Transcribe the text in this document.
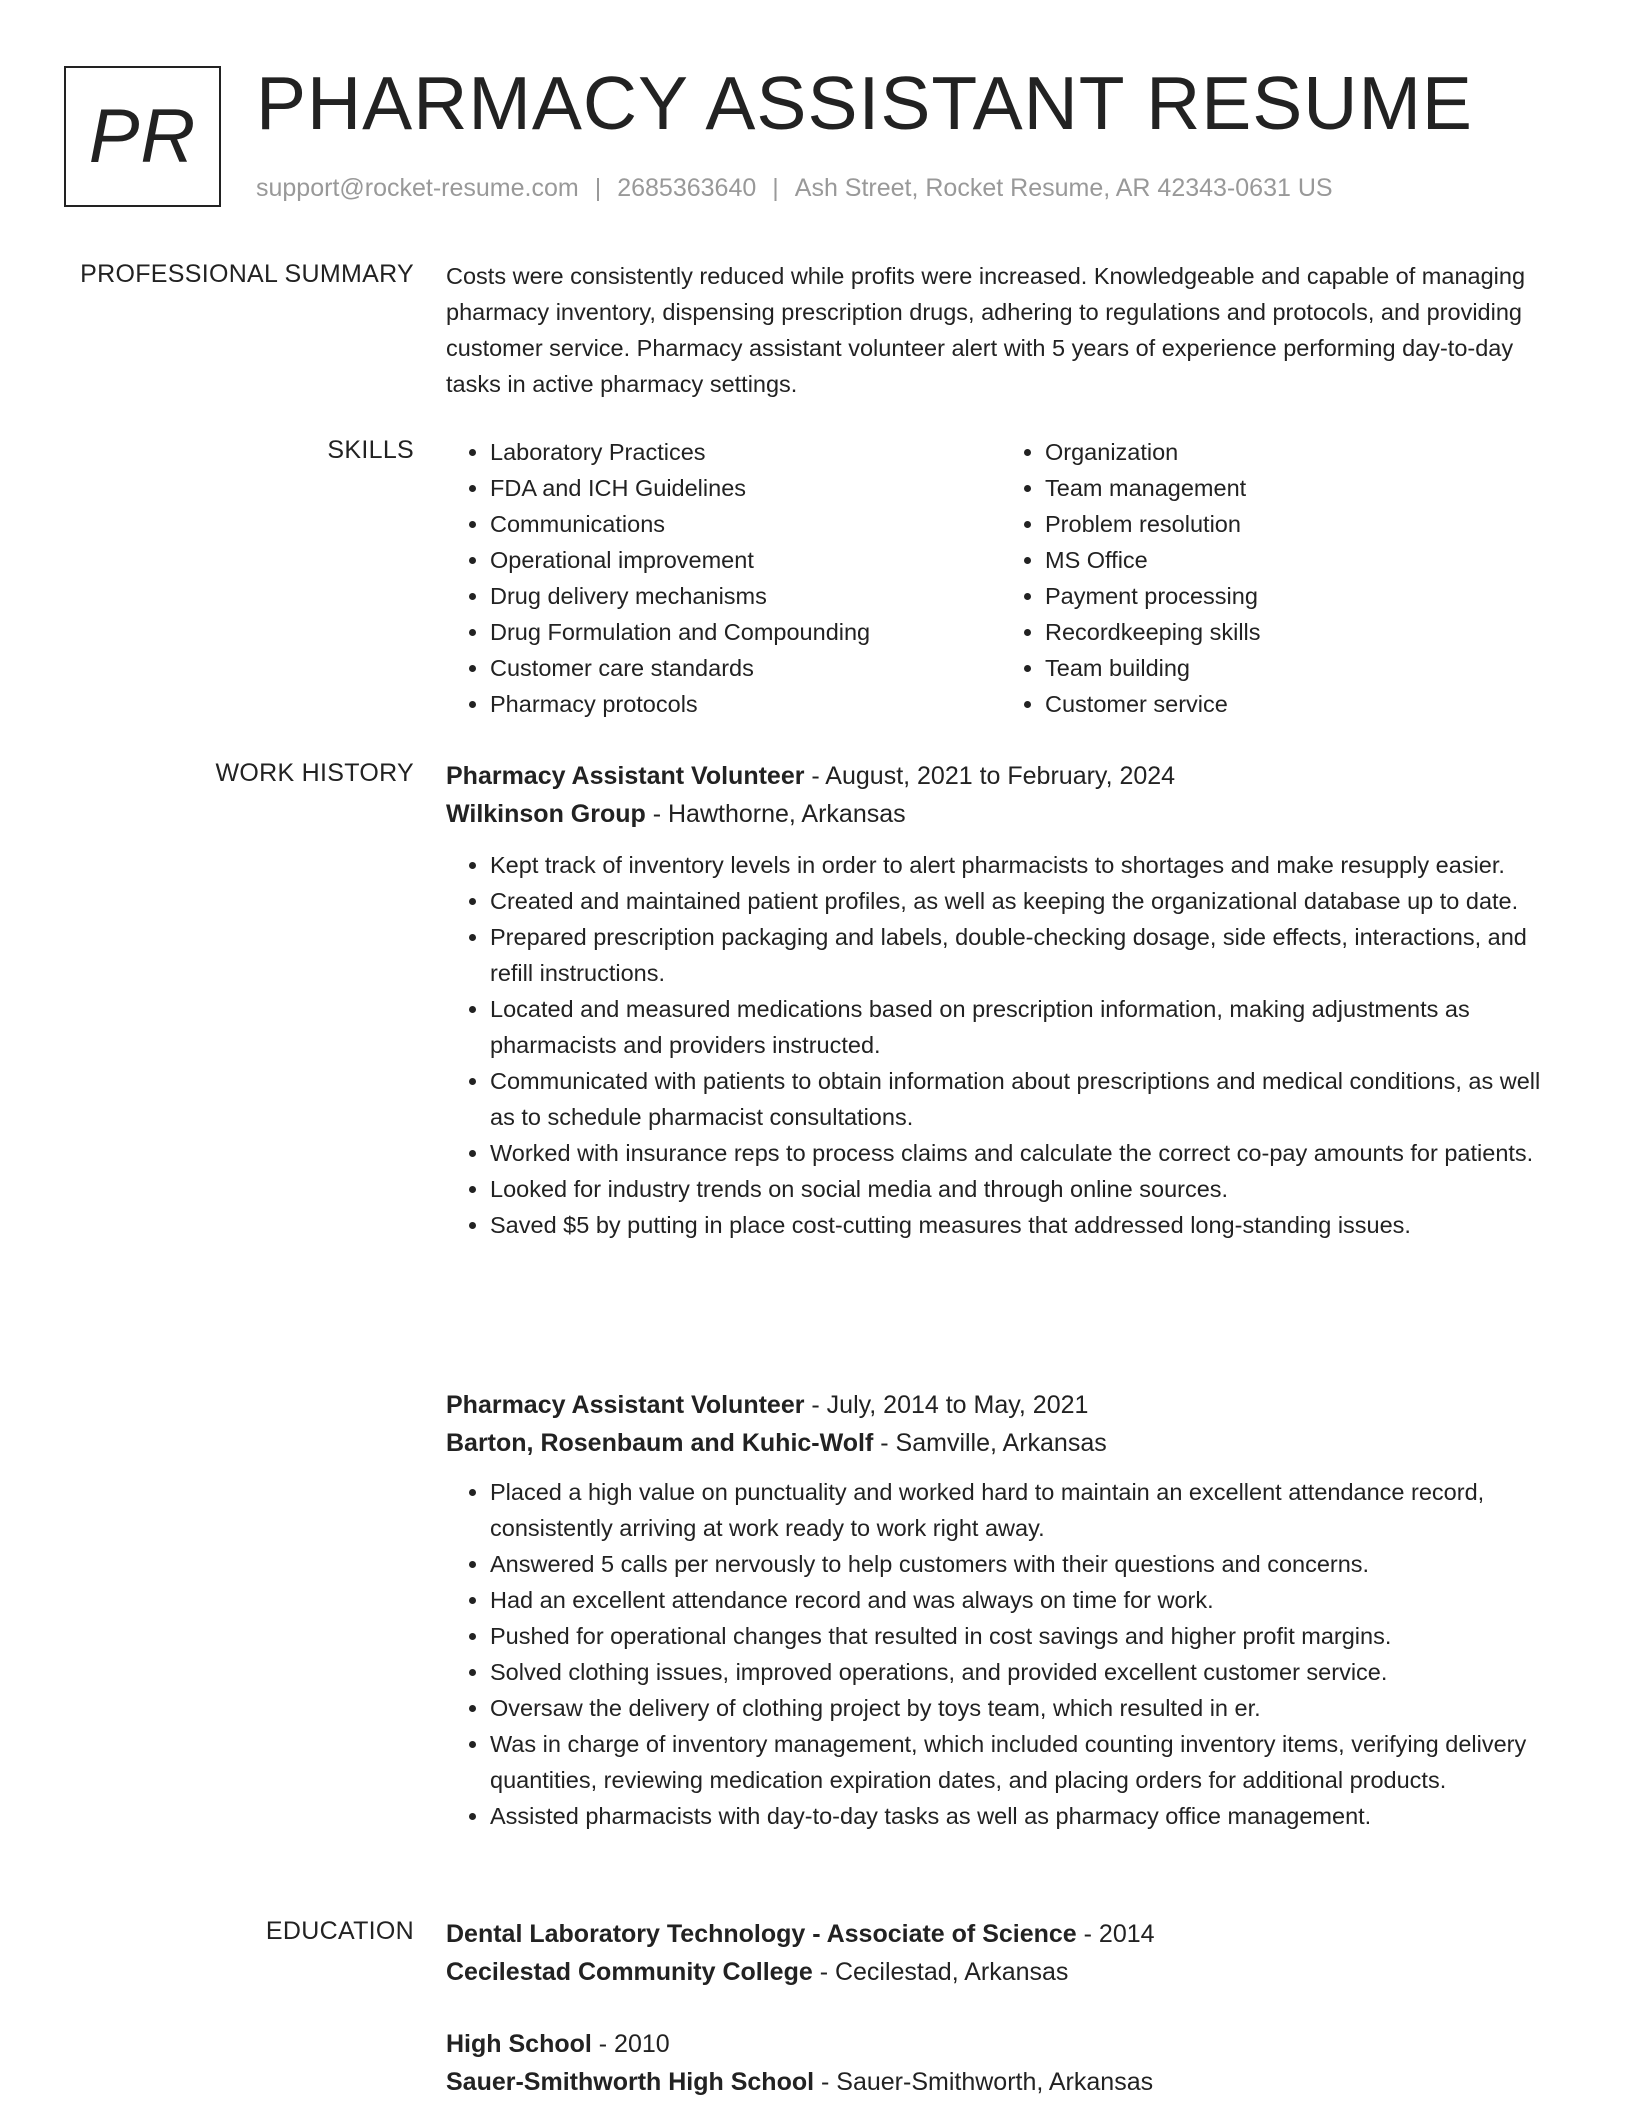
PR PHARMACY ASSISTANT RESUME
support@rocket-resume.com | 2685363640 | Ash Street, Rocket Resume, AR 42343-0631 US
PROFESSIONAL SUMMARY Costs were consistently reduced while profits were increased. Knowledgeable and capable of managing pharmacy inventory, dispensing prescription drugs, adhering to regulations and protocols, and providing customer service. Pharmacy assistant volunteer alert with 5 years of experience performing day-to-day tasks in active pharmacy settings.

SKILLS
•	Laboratory Practices
• FDA and ICH Guidelines
• Communications
• Operational improvement
• Drug delivery mechanisms
• Drug Formulation and Compounding
• Customer care standards
• Pharmacy protocols
• Organization
• Team management
• Problem resolution
• MS Office
• Payment processing
• Recordkeeping skills
• Team building
• Customer service
WORK HISTORY Pharmacy Assistant Volunteer - August, 2021 to February, 2024
Wilkinson Group - Hawthorne, Arkansas
• Kept track of inventory levels in order to alert pharmacists to shortages and make resupply easier.
• Created and maintained patient profiles, as well as keeping the organizational database up to date.
• Prepared prescription packaging and labels, double-checking dosage, side effects, interactions, and refill instructions.
• Located and measured medications based on prescription information, making adjustments as pharmacists and providers instructed.
• Communicated with patients to obtain information about prescriptions and medical conditions, as well as to schedule pharmacist consultations.
• Worked with insurance reps to process claims and calculate the correct co-pay amounts for patients.
• Looked for industry trends on social media and through online sources.
• Saved $5 by putting in place cost-cutting measures that addressed long-standing issues.
Pharmacy Assistant Volunteer - July, 2014 to May, 2021
Barton, Rosenbaum and Kuhic-Wolf - Samville, Arkansas
• Placed a high value on punctuality and worked hard to maintain an excellent attendance record, consistently arriving at work ready to work right away.
• Answered 5 calls per nervously to help customers with their questions and concerns.
• Had an excellent attendance record and was always on time for work.
• Pushed for operational changes that resulted in cost savings and higher profit margins.
• Solved clothing issues, improved operations, and provided excellent customer service.
• Oversaw the delivery of clothing project by toys team, which resulted in er.
• Was in charge of inventory management, which included counting inventory items, verifying delivery quantities, reviewing medication expiration dates, and placing orders for additional products.
• Assisted pharmacists with day-to-day tasks as well as pharmacy office management.
EDUCATION Dental Laboratory Technology - Associate of Science - 2014
Cecilestad Community College - Cecilestad, Arkansas
High School - 2010
Sauer-Smithworth High School - Sauer-Smithworth, Arkansas
